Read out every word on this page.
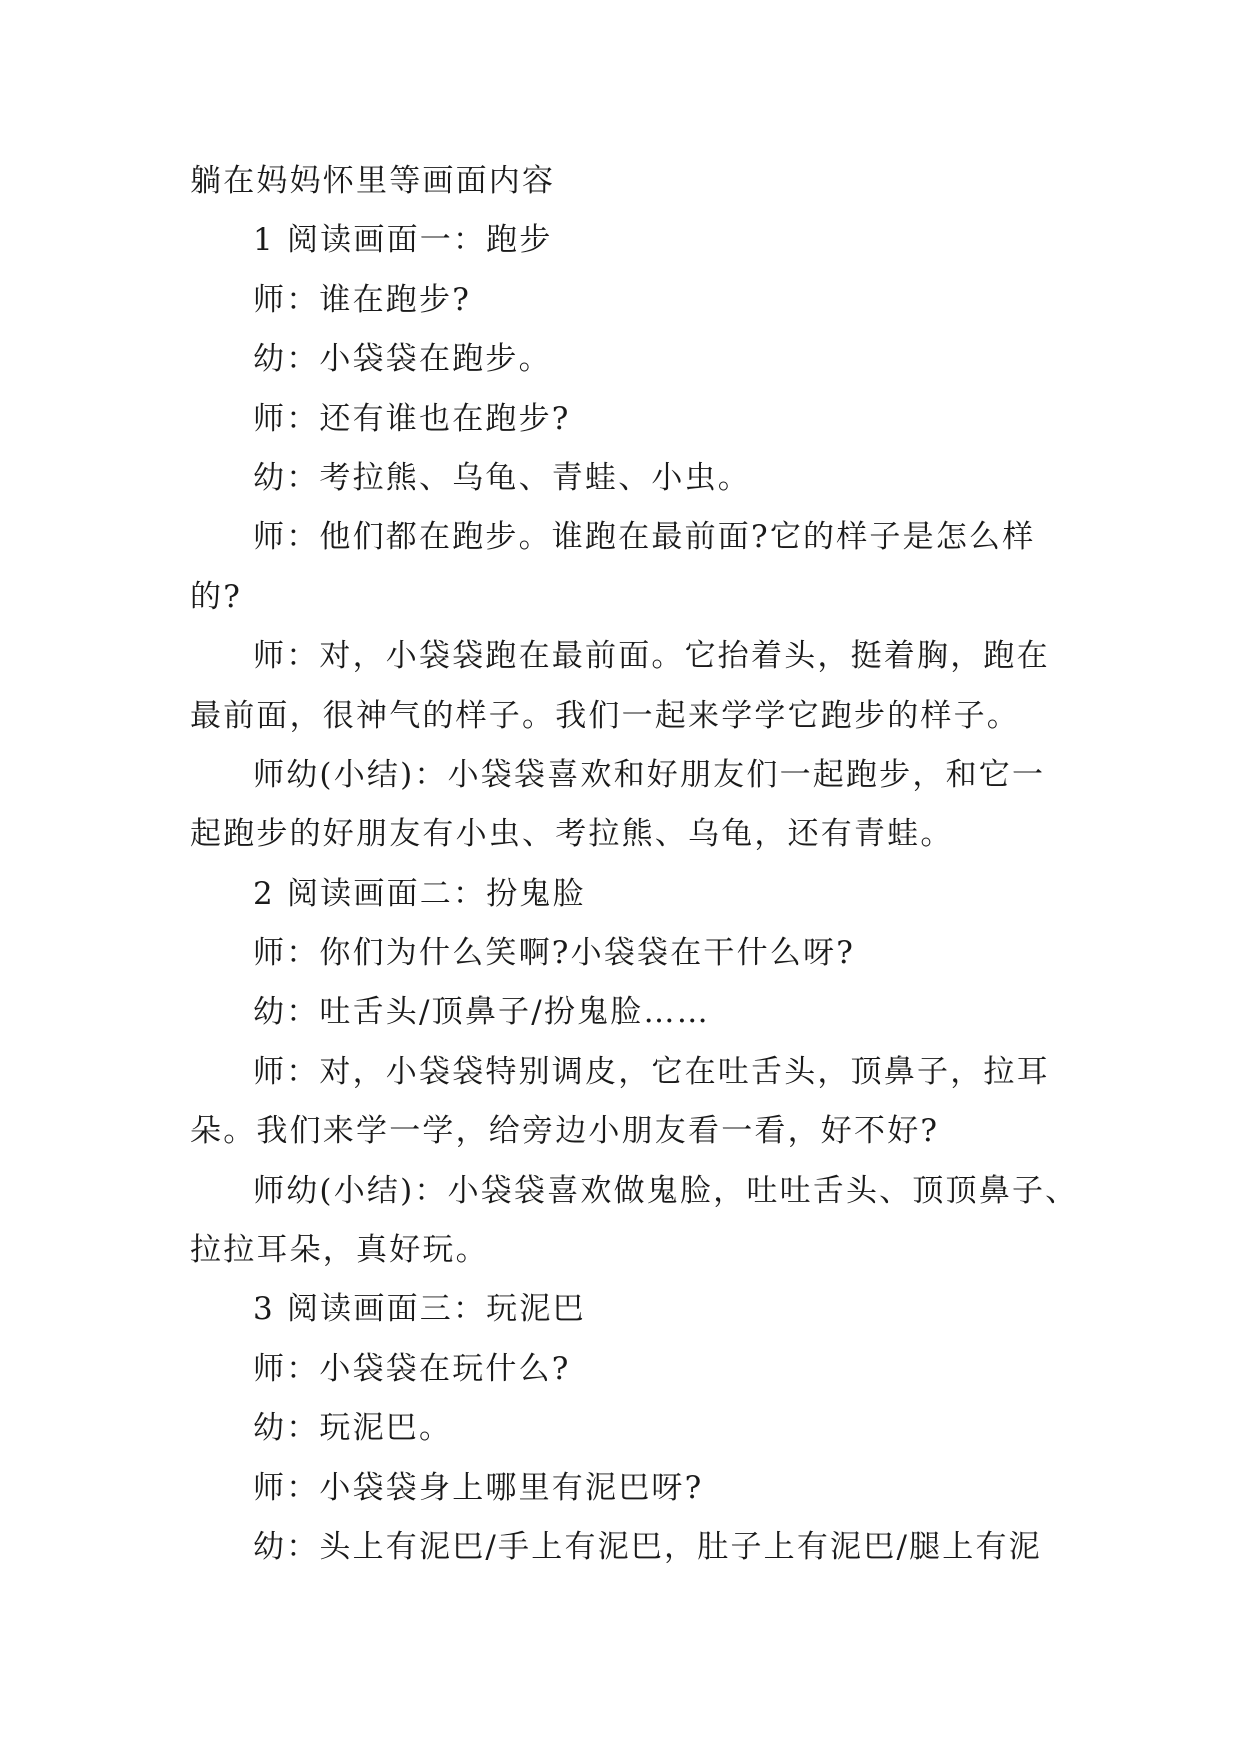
躺在妈妈怀里等画面内容
1 阅读画面一：跑步
师：谁在跑步?
幼：小袋袋在跑步。
师：还有谁也在跑步?
幼：考拉熊、乌龟、青蛙、小虫。
师：他们都在跑步。谁跑在最前面?它的样子是怎么样
的?
师：对，小袋袋跑在最前面。它抬着头，挺着胸，跑在
最前面，很神气的样子。我们一起来学学它跑步的样子。
师幼(小结)：小袋袋喜欢和好朋友们一起跑步，和它一
起跑步的好朋友有小虫、考拉熊、乌龟，还有青蛙。
2 阅读画面二：扮鬼脸
师：你们为什么笑啊?小袋袋在干什么呀?
幼：吐舌头/顶鼻子/扮鬼脸……
师：对，小袋袋特别调皮，它在吐舌头，顶鼻子，拉耳
朵。我们来学一学，给旁边小朋友看一看，好不好?
师幼(小结)：小袋袋喜欢做鬼脸，吐吐舌头、顶顶鼻子、
拉拉耳朵，真好玩。
3 阅读画面三：玩泥巴
师：小袋袋在玩什么?
幼：玩泥巴。
师：小袋袋身上哪里有泥巴呀?
幼：头上有泥巴/手上有泥巴，肚子上有泥巴/腿上有泥
